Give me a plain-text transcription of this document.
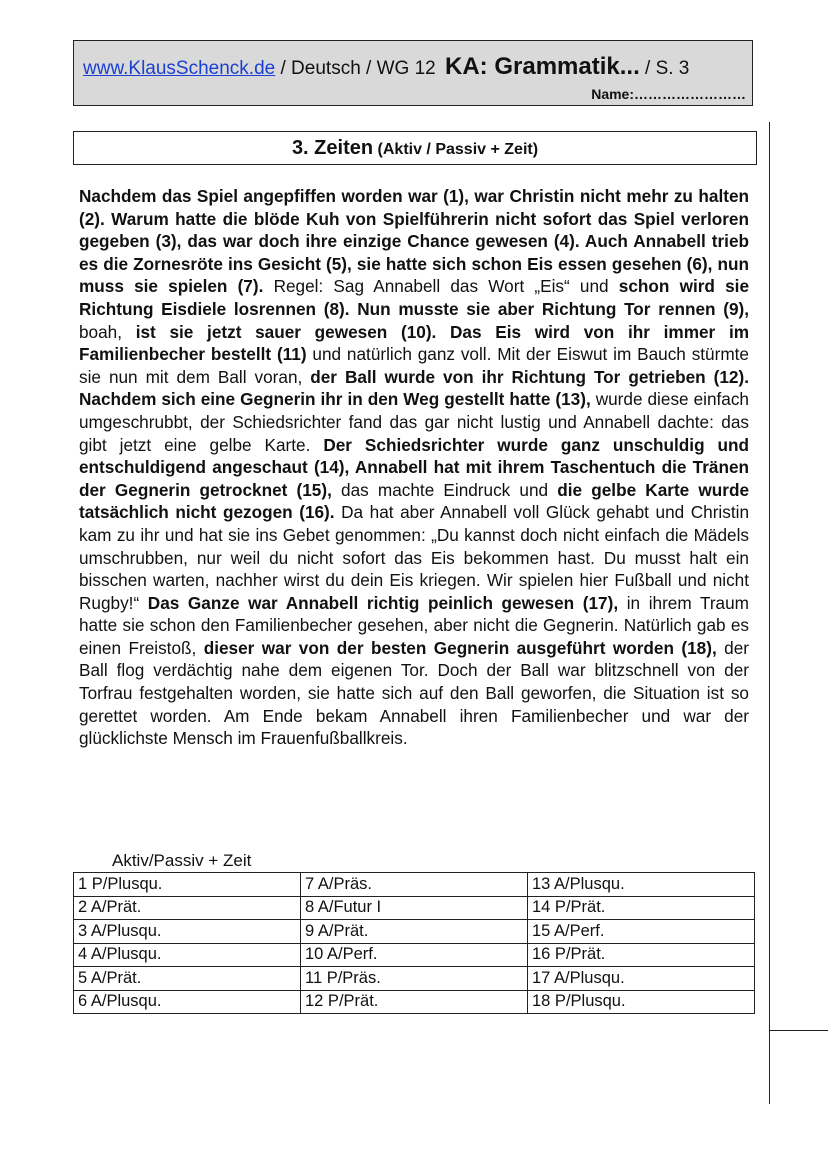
www.KlausSchenck.de / Deutsch / WG 12 KA: Grammatik... / S. 3
Name:……………………
3. Zeiten (Aktiv / Passiv + Zeit)

Nachdem das Spiel angepfiffen worden war (1), war Christin nicht mehr zu halten (2). Warum hatte die blöde Kuh von Spielführerin nicht sofort das Spiel verloren gegeben (3), das war doch ihre einzige Chance gewesen (4). Auch Annabell trieb es die Zornesröte ins Gesicht (5), sie hatte sich schon Eis essen gesehen (6), nun muss sie spielen (7). Regel: Sag Annabell das Wort „Eis“ und schon wird sie Richtung Eisdiele losrennen (8). Nun musste sie aber Richtung Tor rennen (9), boah, ist sie jetzt sauer gewesen (10). Das Eis wird von ihr immer im Familienbecher bestellt (11) und natürlich ganz voll. Mit der Eiswut im Bauch stürmte sie nun mit dem Ball voran, der Ball wurde von ihr Richtung Tor getrieben (12). Nachdem sich eine Gegnerin ihr in den Weg gestellt hatte (13), wurde diese einfach umgeschrubbt, der Schiedsrichter fand das gar nicht lustig und Annabell dachte: das gibt jetzt eine gelbe Karte. Der Schiedsrichter wurde ganz unschuldig und entschuldigend angeschaut (14), Annabell hat mit ihrem Taschentuch die Tränen der Gegnerin getrocknet (15), das machte Eindruck und die gelbe Karte wurde tatsächlich nicht gezogen (16). Da hat aber Annabell voll Glück gehabt und Christin kam zu ihr und hat sie ins Gebet genommen: „Du kannst doch nicht einfach die Mädels umschrubben, nur weil du nicht sofort das Eis bekommen hast. Du musst halt ein bisschen warten, nachher wirst du dein Eis kriegen. Wir spielen hier Fußball und nicht Rugby!“ Das Ganze war Annabell richtig peinlich gewesen (17), in ihrem Traum hatte sie schon den Familienbecher gesehen, aber nicht die Gegnerin. Natürlich gab es einen Freistoß, dieser war von der besten Gegnerin ausgeführt worden (18), der Ball flog verdächtig nahe dem eigenen Tor. Doch der Ball war blitzschnell von der Torfrau festgehalten worden, sie hatte sich auf den Ball geworfen, die Situation ist so gerettet worden. Am Ende bekam Annabell ihren Familienbecher und war der glücklichste Mensch im Frauenfußballkreis.

Aktiv/Passiv + Zeit
1 P/Plusqu.	7 A/Präs.	13 A/Plusqu.
2 A/Prät.	8 A/Futur I	14 P/Prät.
3 A/Plusqu.	9 A/Prät.	15 A/Perf.
4 A/Plusqu.	10 A/Perf.	16 P/Prät.
5 A/Prät.	11 P/Präs.	17 A/Plusqu.
6 A/Plusqu.	12 P/Prät.	18 P/Plusqu.
